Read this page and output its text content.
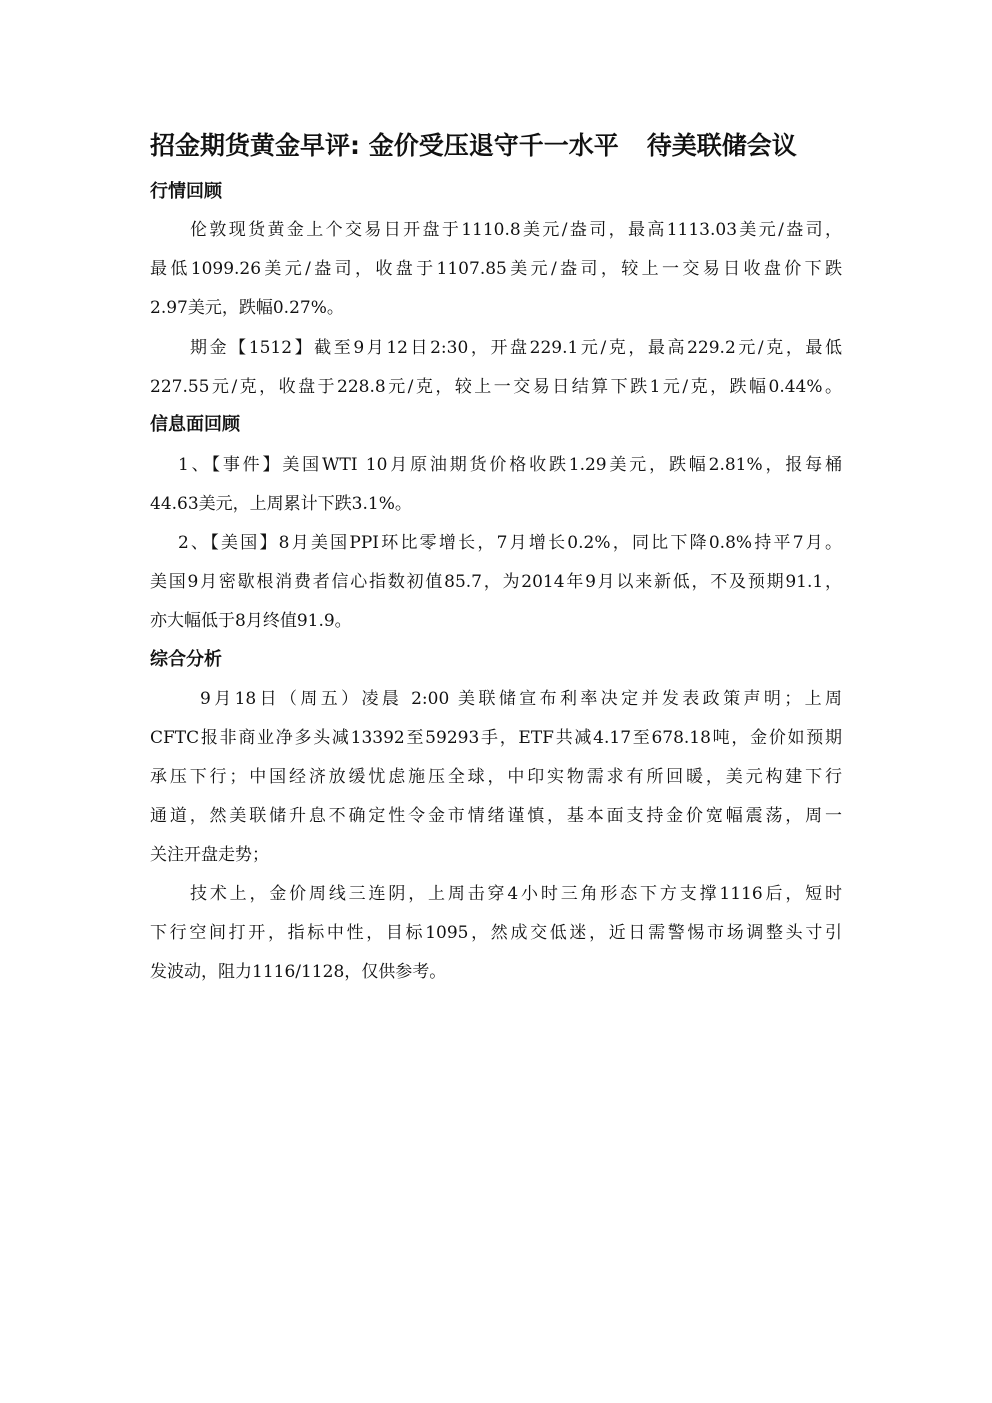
招金期货黄金早评: 金价受压退守千一水平 待美联储会议
行情回顾
伦敦现货黄金上个交易日开盘于1110.8美元/盎司，最高1113.03美元/盎司，
最低1099.26美元/盎司，收盘于1107.85美元/盎司，较上一交易日收盘价下跌
2.97美元，跌幅0.27%。
期金【1512】截至9月12日2:30，开盘229.1元/克，最高229.2元/克，最低
227.55元/克，收盘于228.8元/克，较上一交易日结算下跌1元/克，跌幅0.44%。
信息面回顾
1、【事件】美国WTI 10月原油期货价格收跌1.29美元，跌幅2.81%，报每桶
44.63美元，上周累计下跌3.1%。
2、【美国】8月美国PPI环比零增长，7月增长0.2%，同比下降0.8%持平7月。
美国9月密歇根消费者信心指数初值85.7，为2014年9月以来新低，不及预期91.1，
亦大幅低于8月终值91.9。
综合分析
9月18日（周五）凌晨 2:00 美联储宣布利率决定并发表政策声明；上周
CFTC报非商业净多头减13392至59293手，ETF共减4.17至678.18吨，金价如预期
承压下行；中国经济放缓忧虑施压全球，中印实物需求有所回暖，美元构建下行
通道，然美联储升息不确定性令金市情绪谨慎，基本面支持金价宽幅震荡，周一
关注开盘走势；
技术上，金价周线三连阴，上周击穿4小时三角形态下方支撑1116后，短时
下行空间打开，指标中性，目标1095，然成交低迷，近日需警惕市场调整头寸引
发波动，阻力1116/1128，仅供参考。
